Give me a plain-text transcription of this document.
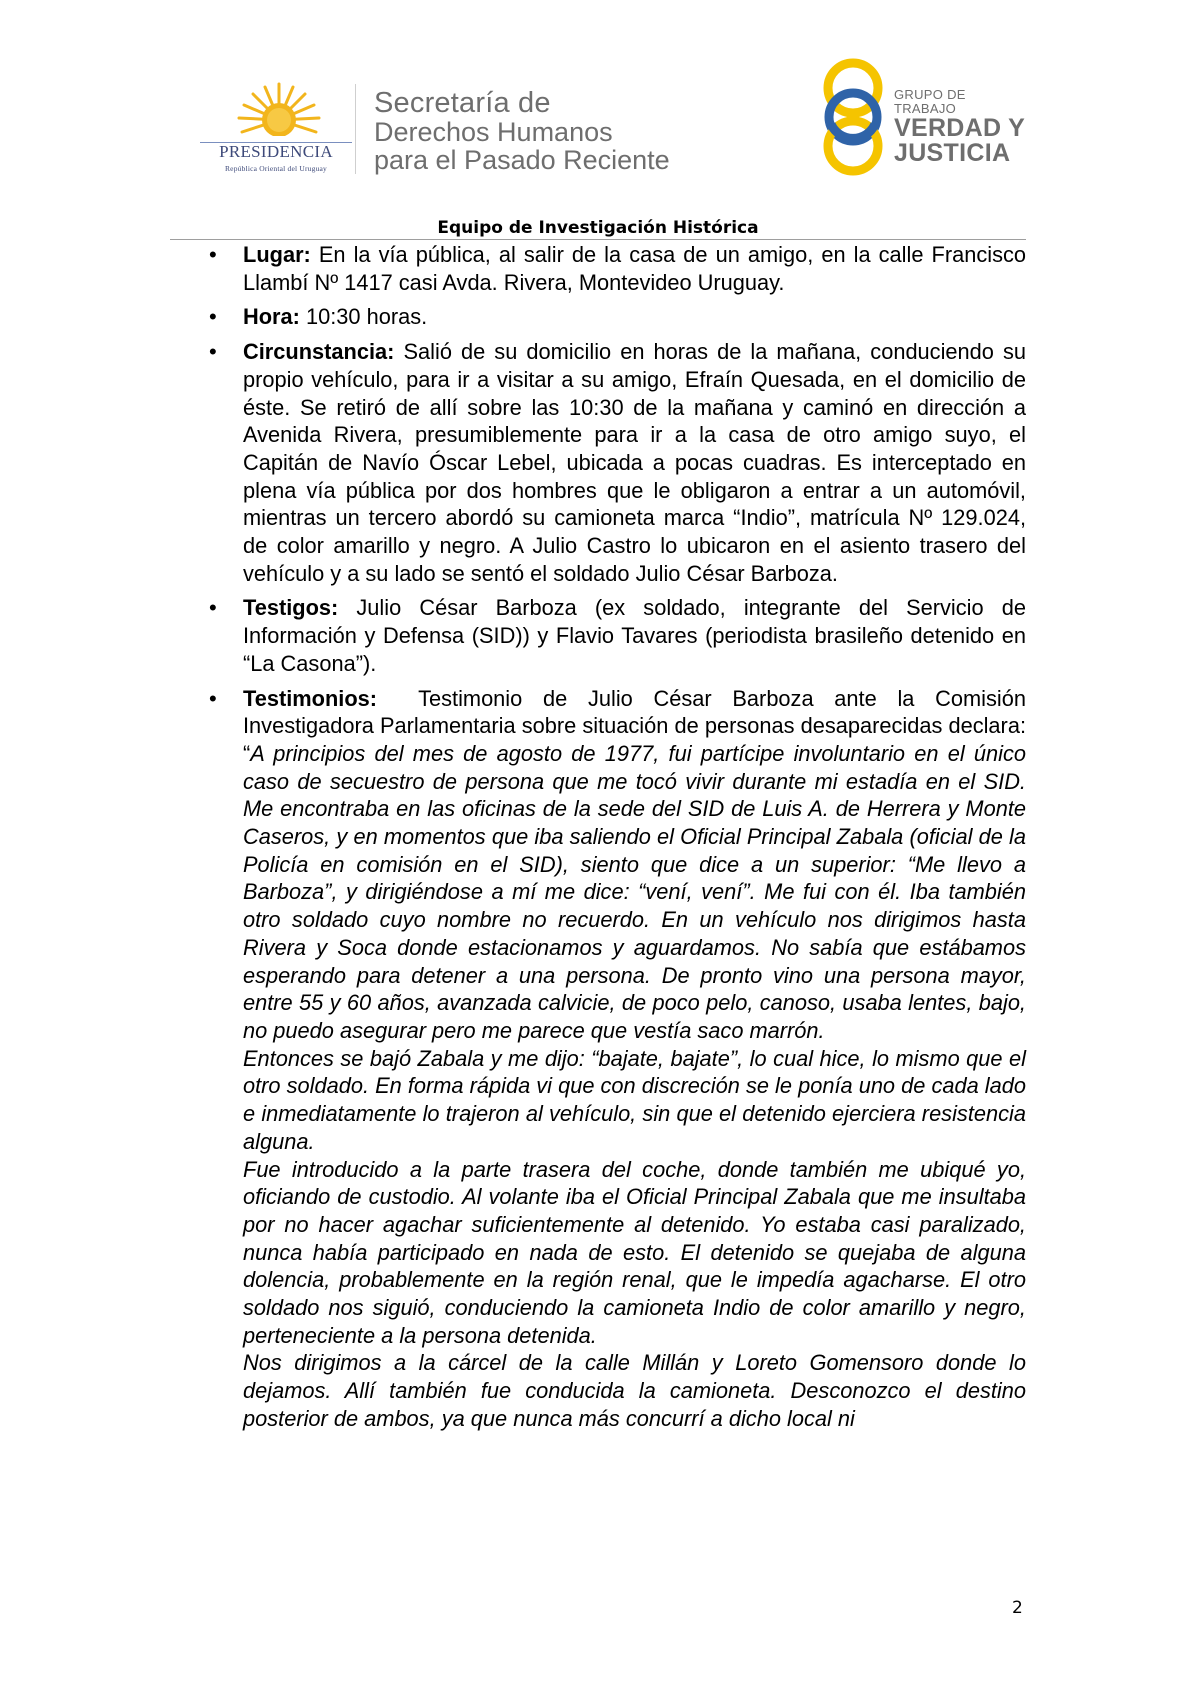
PRESIDENCIA
República Oriental del Uruguay
Secretaría de
Derechos Humanos
para el Pasado Reciente
GRUPO DE TRABAJO
VERDAD Y
JUSTICIA
Equipo de Investigación Histórica
• Lugar: En la vía pública, al salir de la casa de un amigo, en la calle Francisco Llambí Nº 1417 casi Avda. Rivera, Montevideo Uruguay.
• Hora: 10:30 horas.
• Circunstancia: Salió de su domicilio en horas de la mañana, conduciendo su propio vehículo, para ir a visitar a su amigo, Efraín Quesada, en el domicilio de éste. Se retiró de allí sobre las 10:30 de la mañana y caminó en dirección a Avenida Rivera, presumiblemente para ir a la casa de otro amigo suyo, el Capitán de Navío Óscar Lebel, ubicada a pocas cuadras. Es interceptado en plena vía pública por dos hombres que le obligaron a entrar a un automóvil, mientras un tercero abordó su camioneta marca “Indio”, matrícula Nº 129.024, de color amarillo y negro. A Julio Castro lo ubicaron en el asiento trasero del vehículo y a su lado se sentó el soldado Julio César Barboza.
• Testigos: Julio César Barboza (ex soldado, integrante del Servicio de Información y Defensa (SID)) y Flavio Tavares (periodista brasileño detenido en “La Casona”).
• Testimonios:  Testimonio de Julio César Barboza ante la Comisión Investigadora Parlamentaria sobre situación de personas desaparecidas declara: “A principios del mes de agosto de 1977, fui partícipe involuntario en el único caso de secuestro de persona que me tocó vivir durante mi estadía en el SID. Me encontraba en las oficinas de la sede del SID de Luis A. de Herrera y Monte Caseros, y en momentos que iba saliendo el Oficial Principal Zabala (oficial de la Policía en comisión en el SID), siento que dice a un superior: “Me llevo a Barboza”, y dirigiéndose a mí me dice: “vení, vení”. Me fui con él. Iba también otro soldado cuyo nombre no recuerdo. En un vehículo nos dirigimos hasta Rivera y Soca donde estacionamos y aguardamos. No sabía que estábamos esperando para detener a una persona. De pronto vino una persona mayor, entre 55 y 60 años, avanzada calvicie, de poco pelo, canoso, usaba lentes, bajo, no puedo asegurar pero me parece que vestía saco marrón.
Entonces se bajó Zabala y me dijo: “bajate, bajate”, lo cual hice, lo mismo que el otro soldado. En forma rápida vi que con discreción se le ponía uno de cada lado e inmediatamente lo trajeron al vehículo, sin que el detenido ejerciera resistencia alguna.
Fue introducido a la parte trasera del coche, donde también me ubiqué yo, oficiando de custodio. Al volante iba el Oficial Principal Zabala que me insultaba por no hacer agachar suficientemente al detenido. Yo estaba casi paralizado, nunca había participado en nada de esto. El detenido se quejaba de alguna dolencia, probablemente en la región renal, que le impedía agacharse. El otro soldado nos siguió, conduciendo la camioneta Indio de color amarillo y negro, perteneciente a la persona detenida.
Nos dirigimos a la cárcel de la calle Millán y Loreto Gomensoro donde lo dejamos. Allí también fue conducida la camioneta. Desconozco el destino posterior de ambos, ya que nunca más concurrí a dicho local ni
2
